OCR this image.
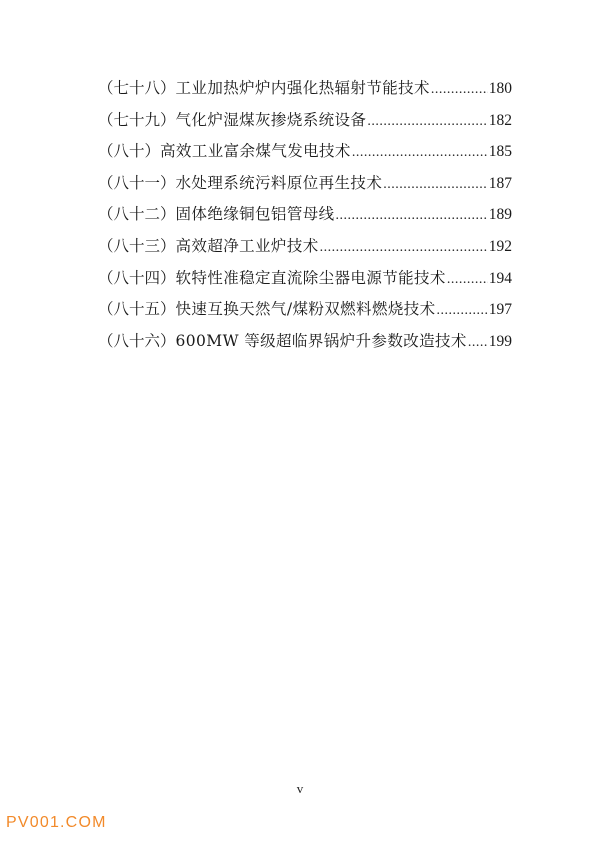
（七十八） 工业加热炉炉内强化热辐射节能技术 .....	180
（七十九） 气化炉湿煤灰掺烧系统设备 .....	182
（八十） 高效工业富余煤气发电技术 .....	185
（八十一） 水处理系统污料原位再生技术 .....	187
（八十二） 固体绝缘铜包铝管母线 .....	189
（八十三） 高效超净工业炉技术 .....	192
（八十四） 软特性准稳定直流除尘器电源节能技术 .....	194
（八十五） 快速互换天然气/煤粉双燃料燃烧技术 .....	197
（八十六） 600MW 等级超临界锅炉升参数改造技术 ..... 199
v
PV001.COM
